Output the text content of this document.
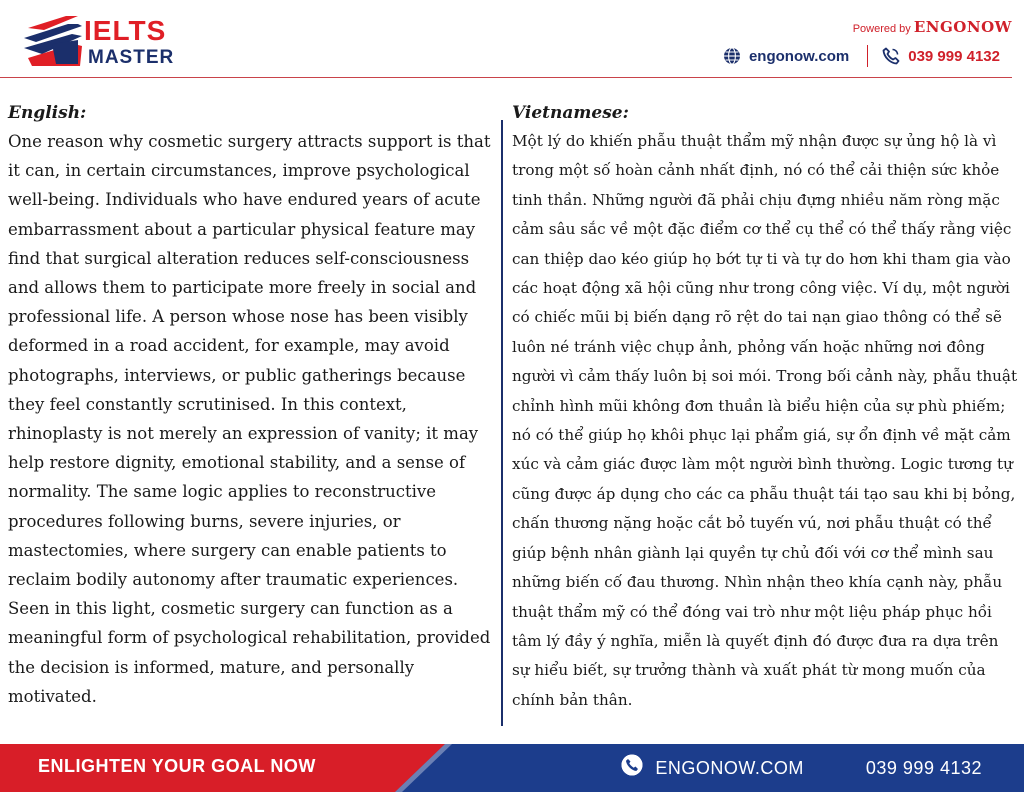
IELTS
MASTER
Powered by ENGONOW
engonow.com	039 999 4132
English:

One reason why cosmetic surgery attracts support is that it can, in certain circumstances, improve psychological well-being. Individuals who have endured years of acute embarrassment about a particular physical feature may find that surgical alteration reduces self-consciousness and allows them to participate more freely in social and professional life. A person whose nose has been visibly deformed in a road accident, for example, may avoid photographs, interviews, or public gatherings because they feel constantly scrutinised. In this context, rhinoplasty is not merely an expression of vanity; it may help restore dignity, emotional stability, and a sense of normality. The same logic applies to reconstructive procedures following burns, severe injuries, or mastectomies, where surgery can enable patients to reclaim bodily autonomy after traumatic experiences. Seen in this light, cosmetic surgery can function as a meaningful form of psychological rehabilitation, provided the decision is informed, mature, and personally motivated.

Vietnamese:

Một lý do khiến phẫu thuật thẩm mỹ nhận được sự ủng hộ là vì trong một số hoàn cảnh nhất định, nó có thể cải thiện sức khỏe tinh thần. Những người đã phải chịu đựng nhiều năm ròng mặc cảm sâu sắc về một đặc điểm cơ thể cụ thể có thể thấy rằng việc can thiệp dao kéo giúp họ bớt tự ti và tự do hơn khi tham gia vào các hoạt động xã hội cũng như trong công việc. Ví dụ, một người có chiếc mũi bị biến dạng rõ rệt do tai nạn giao thông có thể sẽ luôn né tránh việc chụp ảnh, phỏng vấn hoặc những nơi đông người vì cảm thấy luôn bị soi mói. Trong bối cảnh này, phẫu thuật chỉnh hình mũi không đơn thuần là biểu hiện của sự phù phiếm; nó có thể giúp họ khôi phục lại phẩm giá, sự ổn định về mặt cảm xúc và cảm giác được làm một người bình thường. Logic tương tự cũng được áp dụng cho các ca phẫu thuật tái tạo sau khi bị bỏng, chấn thương nặng hoặc cắt bỏ tuyến vú, nơi phẫu thuật có thể giúp bệnh nhân giành lại quyền tự chủ đối với cơ thể mình sau những biến cố đau thương. Nhìn nhận theo khía cạnh này, phẫu thuật thẩm mỹ có thể đóng vai trò như một liệu pháp phục hồi tâm lý đầy ý nghĩa, miễn là quyết định đó được đưa ra dựa trên sự hiểu biết, sự trưởng thành và xuất phát từ mong muốn của chính bản thân.

ENLIGHTEN YOUR GOAL NOW	ENGONOW.COM	039 999 4132
